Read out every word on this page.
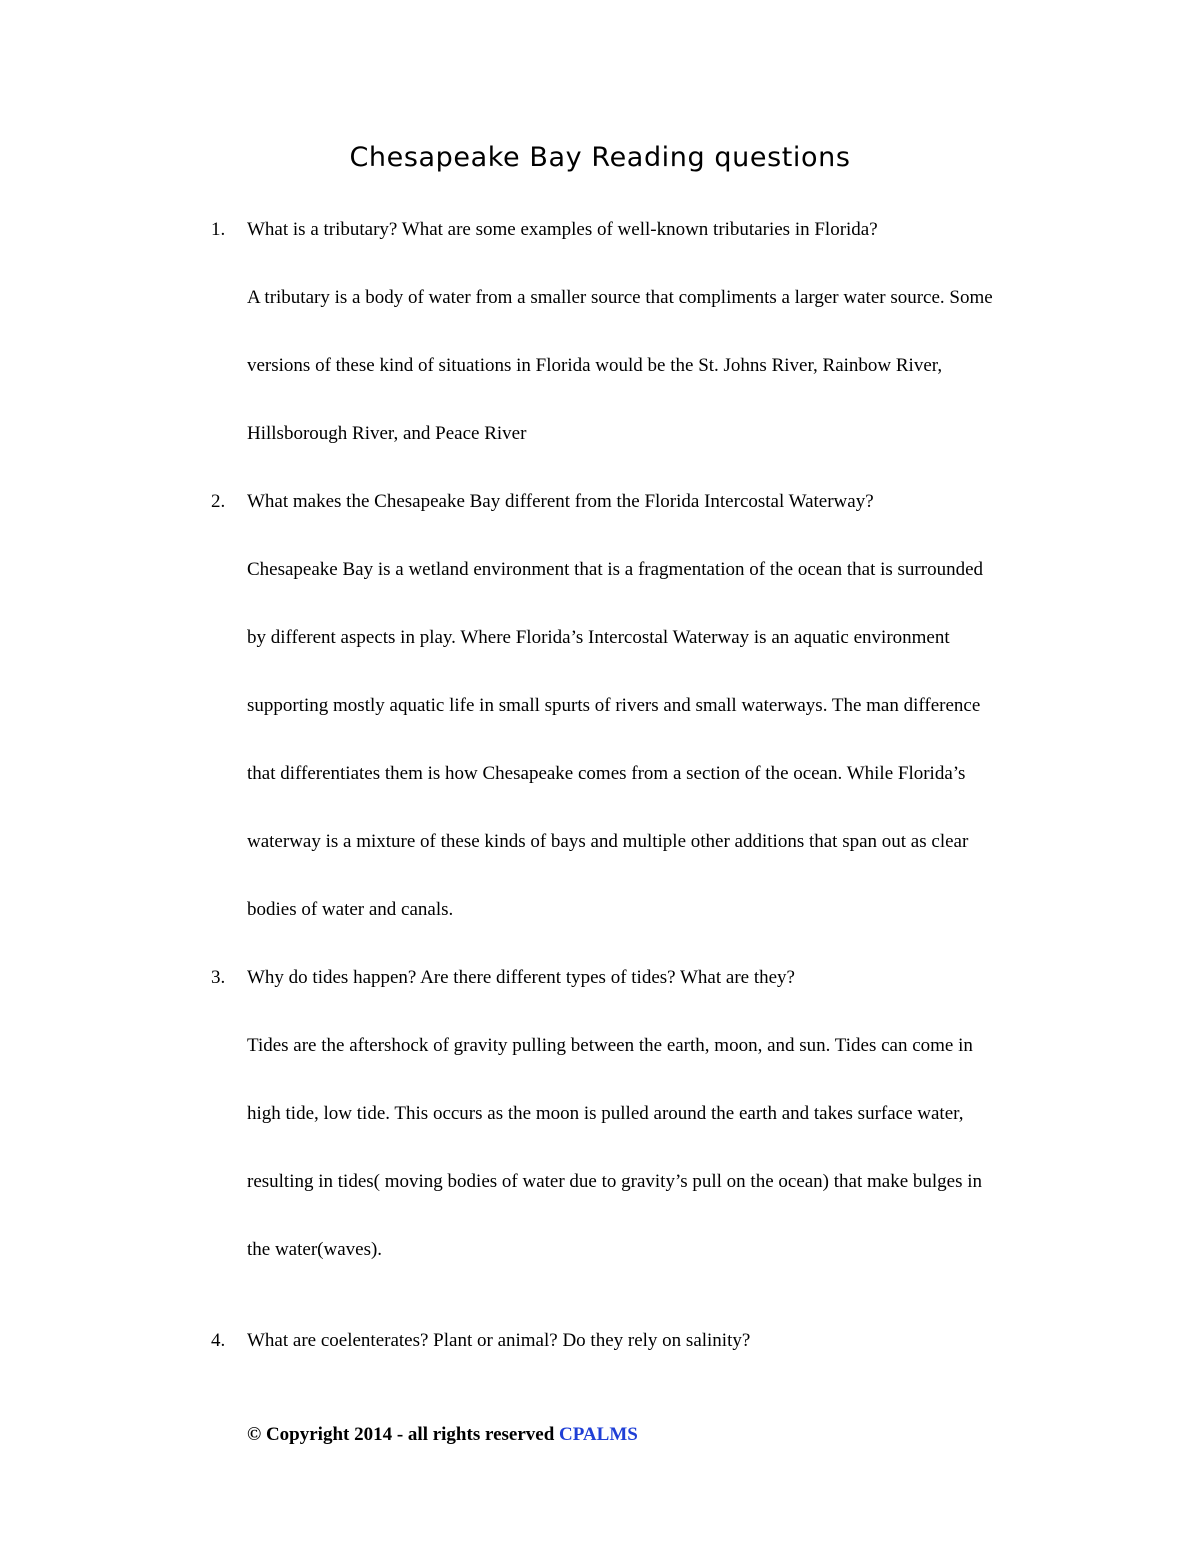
Chesapeake Bay Reading questions
1. What is a tributary? What are some examples of well-known tributaries in Florida?
A tributary is a body of water from a smaller source that compliments a larger water source. Some
versions of these kind of situations in Florida would be the St. Johns River, Rainbow River,
Hillsborough River, and Peace River
2. What makes the Chesapeake Bay different from the Florida Intercostal Waterway?
Chesapeake Bay is a wetland environment that is a fragmentation of the ocean that is surrounded
by different aspects in play. Where Florida’s Intercostal Waterway is an aquatic environment
supporting mostly aquatic life in small spurts of rivers and small waterways. The man difference
that differentiates them is how Chesapeake comes from a section of the ocean. While Florida’s
waterway is a mixture of these kinds of bays and multiple other additions that span out as clear
bodies of water and canals.
3. Why do tides happen? Are there different types of tides? What are they?
Tides are the aftershock of gravity pulling between the earth, moon, and sun. Tides can come in
high tide, low tide. This occurs as the moon is pulled around the earth and takes surface water,
resulting in tides( moving bodies of water due to gravity’s pull on the ocean) that make bulges in
the water(waves).
4. What are coelenterates? Plant or animal? Do they rely on salinity?
© Copyright 2014 - all rights reserved CPALMS
